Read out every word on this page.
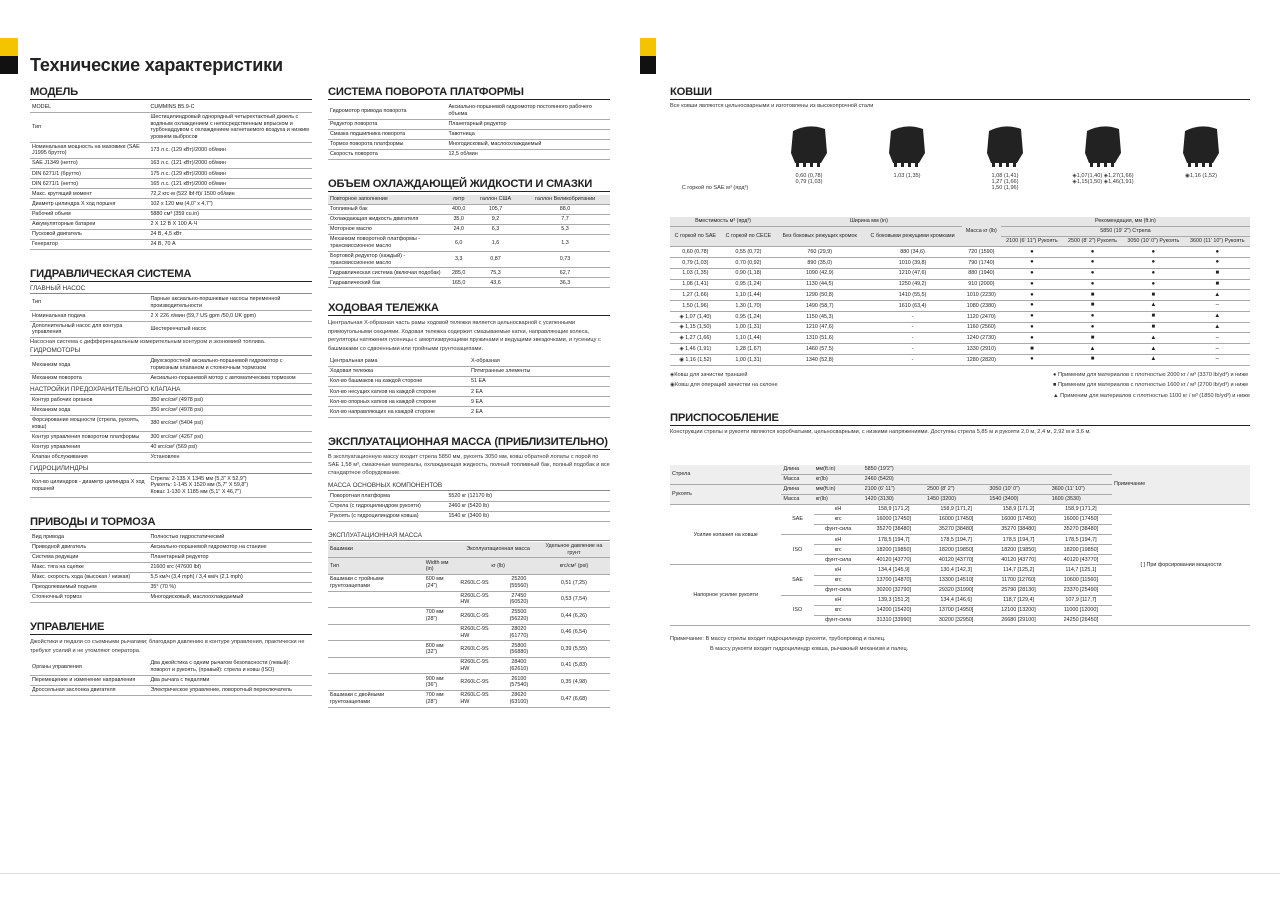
Технические характеристики
МОДЕЛЬ
MODEL	CUMMINS B5.9-C
Тип	Шестицилиндровый однорядный четырехтактный дизель с водяным охлаждением с непосредственным впрыском и турбонаддувом с охлаждением нагнетаемого воздуха и низким уровнем выбросов
Номинальная мощность на маховике (SAE J1995 брутто)	173 л.с. (129 кВт)/2000 об/мин
SAE J1349 (нетто)	163 л.с. (121 кВт)/2000 об/мин
DIN 6271/1 (брутто)	175 л.с. (129 кВт)/2000 об/мин
DIN 6271/1 (нетто)	165 л.с. (121 кВт)/2000 об/мин
Макс. крутящий момент	72,2 кгс·м (522 lbf·ft)/ 1500 об/мин
Диаметр цилиндра X ход поршня	102 x 120 мм (4,0" x 4,7")
Рабочий объем	5880 см³ (359 cu.in)
Аккумуляторные батареи	2 X 12 В X 100 А·Ч
Пусковой двигатель	24 В, 4,5 кВт
Генератор	24 В, 70 А
ГИДРАВЛИЧЕСКАЯ СИСТЕМА
ГЛАВНЫЙ НАСОС
Тип	Парные аксиально-поршневые насосы переменной производительности
Номинальная подача	2 X 226 л/мин (59,7 US gpm /50,0 UK gpm)
Дополнительный насос для контура управления	Шестеренчатый насос
Насосная система с дифференциальным измерительным контуром и экономией топлива.
ГИДРОМОТОРЫ
Механизм хода	Двухскоростной аксиально-поршневой гидромотор с тормозным клапаном и стояночным тормозом
Механизм поворота	Аксиально-поршневой мотор с автоматическим тормозом
НАСТРОЙКИ ПРЕДОХРАНИТЕЛЬНОГО КЛАПАНА
Контур рабочих органов	350 кгс/см² (4978 psi)
Механизм хода	350 кгс/см² (4978 psi)
Форсирование мощности (стрела, рукоять, ковш)	380 кгс/см² (5404 psi)
Контур управления поворотом платформы	300 кгс/см² (4267 psi)
Контур управления	40 кгс/см² (569 psi)
Клапан обслуживания	Установлен
ГИДРОЦИЛИНДРЫ
Кол-во цилиндров - диаметр цилиндра X ход поршней	
Стрела: 2-135 X 1345 мм (5,3" X 52,9")
Рукоять: 1-145 X 1520 мм (5,7" X 59,8")
Ковш: 1-130 X 1185 мм (5,1" X 46,7")
ПРИВОДЫ И ТОРМОЗА
Вид привода	Полностью гидростатический
Приводной двигатель	Аксиально-поршневой гидромотор на станине
Система редукции	Планетарный редуктор
Макс. тяга на сцепке	21600 кгс (47600 lbf)
Макс. скорость хода (высокая / низкая)	5,5 км/ч (3,4 mph) / 3,4 км/ч (2,1 mph)
Преодолеваемый подъем	35° (70 %)
Стояночный тормоз	Многодисковый, маслоохлаждаемый
УПРАВЛЕНИЕ
Джойстики и педали со съемными рычагами; благодаря давлению в контуре управления, практически не требуют усилий и не утомляют оператора.
Органы управления	Два джойстика с одним рычагом безопасности (левый): поворот и рукоять, (правый): стрела и ковш (ISO)
Перемещение и изменение направления	Два рычага с педалями
Дроссельная заслонка двигателя	Электрическое управление, поворотный переключатель
СИСТЕМА ПОВОРОТА ПЛАТФОРМЫ
Гидромотор привода поворота	Аксиально-поршневой гидромотор постоянного рабочего объема
Редуктор поворота	Планетарный редуктор
Смазка подшипника поворота	Тавотница
Тормоз поворота платформы	Многодисковый, маслоохлаждаемый
Скорость поворота	12,5 об/мин
ОБЪЕМ ОХЛАЖДАЮЩЕЙ ЖИДКОСТИ И СМАЗКИ
Повторное заполнение	литр	галлон США	галлон Великобритании
Топливный бак	400,0	105,7	88,0
Охлаждающая жидкость двигателя	35,0	9,2	7,7
Моторное масло	24,0	6,3	5,3
Механизм поворотной платформы - трансмиссионное масло	6,0	1,6	1,3
Бортовой редуктор (каждый) - трансмиссионное масло	3,3	0,87	0,73
Гидравлическая система (включая подобак)	285,0	75,3	62,7
Гидравлический бак	165,0	43,6	36,3
ХОДОВАЯ ТЕЛЕЖКА
Центральная X-образная часть рамы ходовой тележки является цельносварной с усиленными прямоугольными секциями. Ходовая тележка содержит смазываемые катки, направляющие колеса, регуляторы натяжения гусеницы с амортизирующими пружинами и ведущими звездочками, и гусеницу с башмаками со сдвоенными или тройными грунтозацепами.
Центральная рама	X-образная
Ходовая тележка	Пятигранные элементы
Кол-во башмаков на каждой стороне	51 EA
Кол-во несущих катков на каждой стороне	2 EA
Кол-во опорных катков на каждой стороне	9 EA
Кол-во направляющих на каждой стороне	2 EA
ЭКСПЛУАТАЦИОННАЯ МАССА (ПРИБЛИЗИТЕЛЬНО)
В эксплуатационную массу входит стрела 5850 мм, рукоять 3050 мм, ковш обратной лопаты с порой по SAE 1,58 м³, смазочные материалы, охлаждающая жидкость, полный топливный бак, полный подобак и все стандартное оборудование.
МАССА ОСНОВНЫХ КОМПОНЕНТОВ
Поворотная платформа	5520 кг (12170 lb)
Стрела (с гидроцилиндром рукояти)	2460 кг (5420 lb)
Рукоять (с гидроцилиндром ковша)	1540 кг (3400 lb)
ЭКСПЛУАТАЦИОННАЯ МАССА
Башмаки		Эксплуатационная масса		Удельное давление на грунт
Тип	Width мм (in)	кг (lb)		кгс/см² (psi)
Башмаки с тройными грунтозацепами	600 мм (24")	R260LC-9S	25200 (55560)	0,51 (7,25)
		R260LC-9S HW	27450 (60520)	0,53 (7,54)
	700 мм (28")	R260LC-9S	25500 (56220)	0,44 (6,26)
		R260LC-9S HW	28020 (61770)	0,46 (6,54)
	800 мм (32")	R260LC-9S	25800 (56880)	0,39 (5,55)
		R260LC-9S HW	28400 (62610)	0,41 (5,83)
	900 мм (36")	R260LC-9S	26100 (57540)	0,35 (4,98)
Башмаки с двойными грунтозацепами	700 мм (28")	R260LC-9S HW	28620 (63100)	0,47 (6,68)
КОВШИ
Все ковши являются цельносварными и изготовлены из высокопрочной стали
С горкой по SAE м³ (ярд³)
0,60 (0,78)
0,79 (1,03)
1,03 (1,35)	1,08 (1,41)
1,27 (1,66)
1,50 (1,96)
◈1,07(1,40) ◈1,27(1,66)
◈1,15(1,50) ◈1,46(1,91)
◉1,16 (1,52)
Вместимость м³ (ярд³)		Ширина мм (in)		Масса кг (lb)	Рекомендация, мм (ft.in)			
С горкой по SAE	С горкой по CECE	Без боковых режущих кромок	С боковыми режущими кромками		5850 (19' 2") Стрела			
					2100 (6' 11") Рукоять	2500 (8' 2") Рукоять	3050 (10' 0") Рукоять	3600 (11' 10") Рукоять
0,60 (0,78)	0,55 (0,72)	760 (29,9)	880 (34,6)	720 (1590)	●	●	●	●
0,79 (1,03)	0,70 (0,92)	890 (35,0)	1010 (39,8)	790 (1740)	●	●	●	●
1,03 (1,35)	0,90 (1,18)	1090 (42,9)	1210 (47,6)	880 (1940)	●	●	●	■
1,08 (1,41)	0,95 (1,24)	1130 (44,5)	1250 (49,2)	910 (2000)	●	●	●	■
1,27 (1,66)	1,10 (1,44)	1290 (50,8)	1410 (55,5)	1010 (2230)	●	■	■	▲
1,50 (1,96)	1,30 (1,70)	1490 (58,7)	1610 (63,4)	1080 (2380)	●	■	▲	–
◈ 1,07 (1,40)	0,95 (1,24)	1150 (45,3)	-	1120 (2470)	●	●	■	▲
◈ 1,15 (1,50)	1,00 (1,31)	1210 (47,6)	-	1160 (2560)	●	●	■	▲
◈ 1,27 (1,66)	1,10 (1,44)	1310 (51,6)	-	1240 (2730)	●	■	▲	–
◈ 1,46 (1,91)	1,28 (1,67)	1460 (57,5)	-	1330 (2910)	■	▲	▲	–
◉ 1,16 (1,52)	1,00 (1,31)	1340 (52,8)	-	1280 (2820)	●	■	▲	–
◈Ковш для зачистки траншей
◉Ковш для операций зачистки на склоне
● Применим для материалов с плотностью 2000 кг / м³ (3370 lb/yd³) и ниже
■ Применим для материалов с плотностью 1600 кг / м³ (2700 lb/yd³) и ниже
▲ Применим для материалов с плотностью 1100 кг / м³ (1850 lb/yd³) и ниже
ПРИСПОСОБЛЕНИЕ
Конструкции стрелы и рукояти являются коробчатыми, цельносварными, с низкими напряжениями. Доступны стрела 5,85 м и рукояти 2,0 м, 2,4 м, 2,92 м и 3,6 м.
Стрела	Длина	мм(ft.in)	5850 (19'2")				Примечание
	Масса	кг(lb)	2460 (5420)				
Рукоять	Длина	мм(ft.in)	2100 (6' 11")	2500 (8' 2")	3050 (10' 0")	3600 (11' 10")	
	Масса	кг(lb)	1420 (3130)	1450 (3200)	1540 (3400)	1600 (3530)	
Усилие копания на ковше	SAE	кН	158,9 [171,2]	158,9 [171,2]	158,9 [171,2]	158,9 [171,2]	[ ] При форсировании мощности
		кгс	16000 [17450]	16000 [17450]	16000 [17450]	16000 [17450]	
		фунт-сила	35270 [38480]	35270 [38480]	35270 [38480]	35270 [38480]	
	ISO	кН	178,5 [194,7]	178,5 [194,7]	178,5 [194,7]	178,5 [194,7]	
		кгс	18200 [19850]	18200 [19850]	18200 [19850]	18200 [19850]	
		фунт-сила	40120 [43770]	40120 [43770]	40120 [43770]	40120 [43770]	
Напорное усилие рукояти	SAE	кН	134,4 [145,9]	130,4 [142,3]	114,7 [125,2]	114,7 [125,1]	
		кгс	13700 [14870]	13300 [14510]	11700 [12760]	10600 [11560]	
		фунт-сила	30200 [32790]	29320 [31990]	25790 [28130]	23370 [25490]	
	ISO	кН	139,3 [151,2]	134,4 [146,6]	118,7 [129,4]	107,9 [117,7]	
		кгс	14200 [15420]	13700 [14950]	12100 [13200]	11000 [12000]	
		фунт-сила	31310 [33990]	30200 [32950]	26680 [29100]	24250 [26450]	
Примечание: В массу стрелы входит гидроцилиндр рукояти, трубопровод и палец.
В массу рукояти входит гидроцилиндр ковша, рычажный механизм и палец.
